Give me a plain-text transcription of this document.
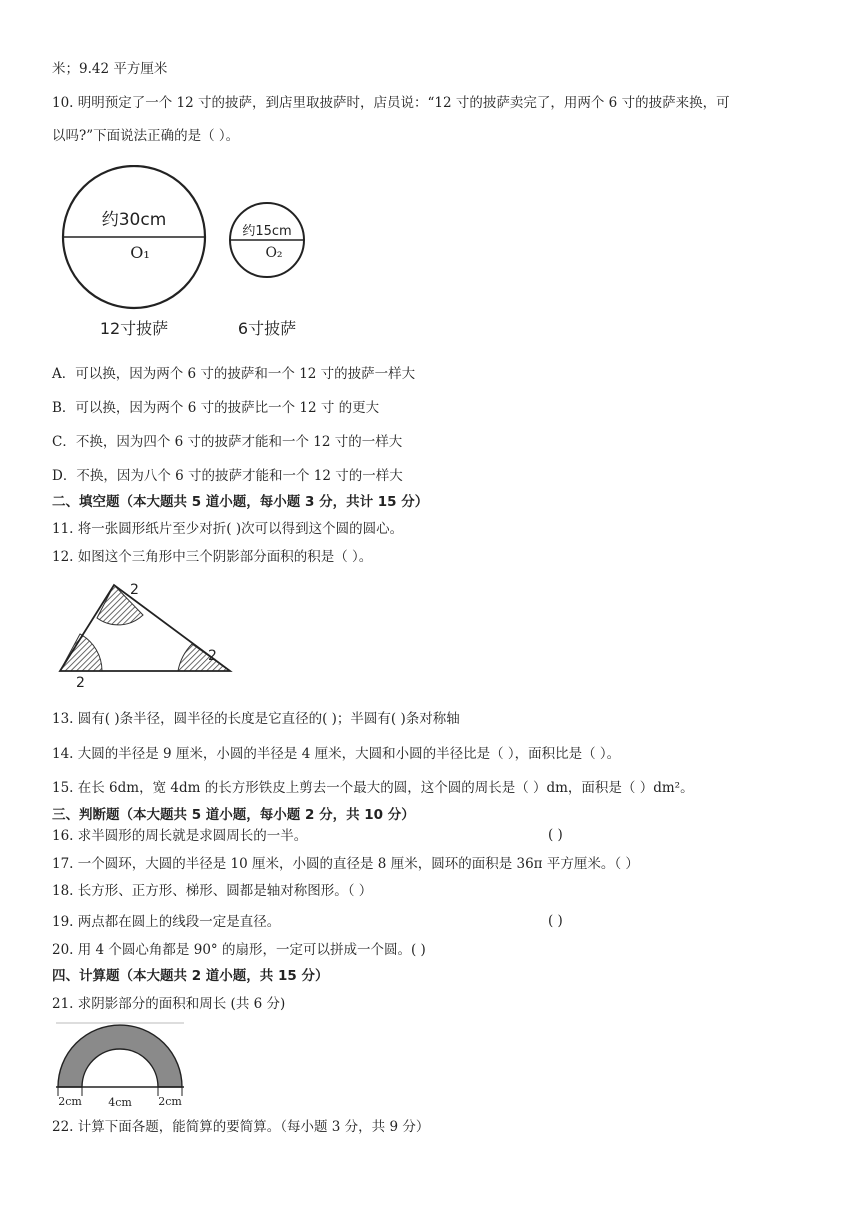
米；9.42 平方厘米
10. 明明预定了一个 12 寸的披萨，到店里取披萨时，店员说：“12 寸的披萨卖完了，用两个 6 寸的披萨来换，可
以吗?”下面说法正确的是（ ）。
约30cm
O₁
约15cm
O₂
12寸披萨	6寸披萨
A．可以换，因为两个 6 寸的披萨和一个 12 寸的披萨一样大
B．可以换，因为两个 6 寸的披萨比一个 12 寸 的更大
C．不换，因为四个 6 寸的披萨才能和一个 12 寸的一样大
D．不换，因为八个 6 寸的披萨才能和一个 12 寸的一样大
二、填空题（本大题共 5 道小题，每小题 3 分，共计 15 分）
11. 将一张圆形纸片至少对折( )次可以得到这个圆的圆心。
12. 如图这个三角形中三个阴影部分面积的积是（ ）。
2
2
2
13. 圆有( )条半径，圆半径的长度是它直径的( )；半圆有( )条对称轴
14. 大圆的半径是 9 厘米，小圆的半径是 4 厘米，大圆和小圆的半径比是（ ），面积比是（ ）。
15. 在长 6dm，宽 4dm 的长方形铁皮上剪去一个最大的圆，这个圆的周长是（ ）dm，面积是（ ）dm²。
三、判断题（本大题共 5 道小题，每小题 2 分，共 10 分）
16. 求半圆形的周长就是求圆周长的一半。	( )
17. 一个圆环，大圆的半径是 10 厘米，小圆的直径是 8 厘米，圆环的面积是 36π 平方厘米。（ ）
18. 长方形、正方形、梯形、圆都是轴对称图形。（ ）
19. 两点都在圆上的线段一定是直径。	( )
20. 用 4 个圆心角都是 90° 的扇形，一定可以拼成一个圆。( )
四、计算题（本大题共 2 道小题，共 15 分）
21. 求阴影部分的面积和周长 (共 6 分)
2cm 4cm 2cm
22. 计算下面各题，能简算的要简算。（每小题 3 分，共 9 分）
